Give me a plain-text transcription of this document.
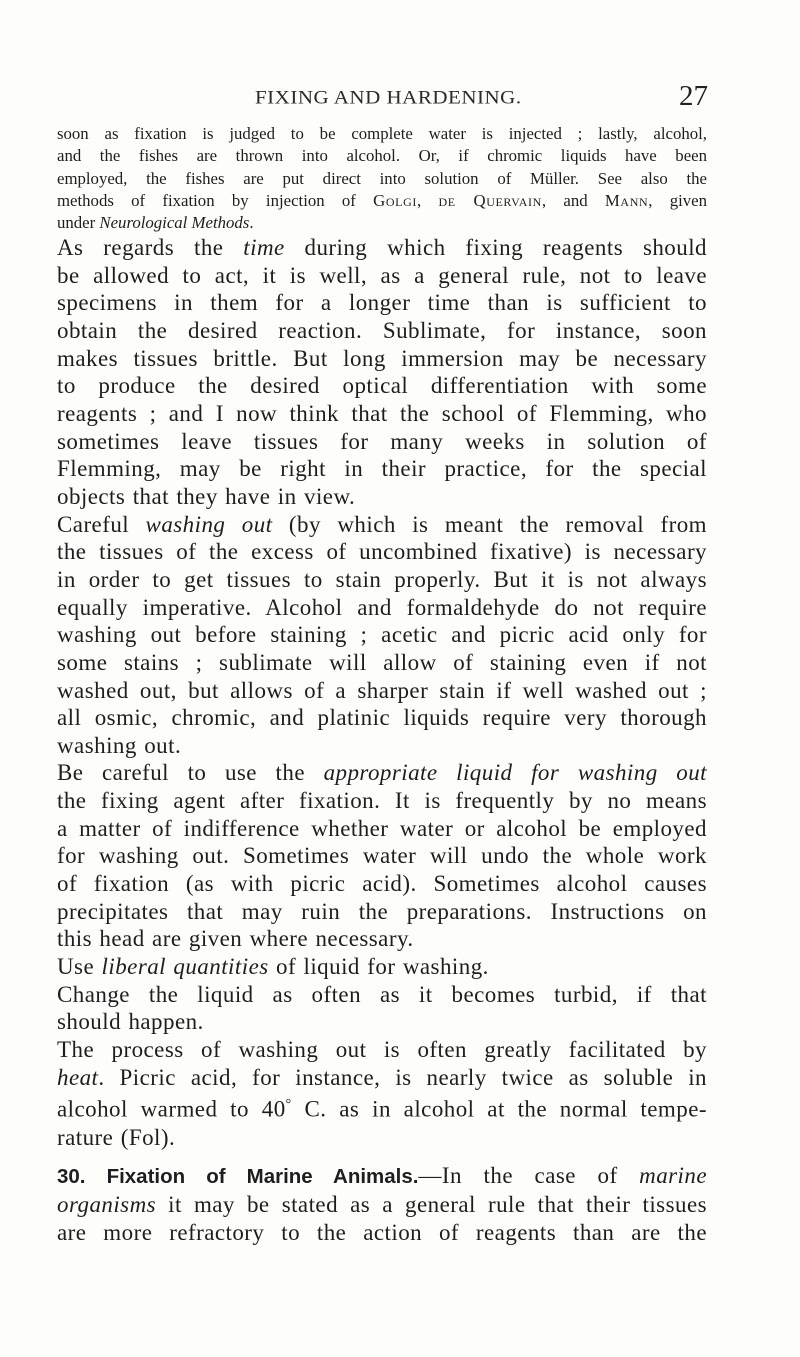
FIXING AND HARDENING.	27
soon as fixation is judged to be complete water is injected ; lastly, alcohol,
and the fishes are thrown into alcohol. Or, if chromic liquids have been
employed, the fishes are put direct into solution of Müller. See also the
methods of fixation by injection of Golgi, de Quervain, and Mann, given
under Neurological Methods.

As regards the time during which fixing reagents should
be allowed to act, it is well, as a general rule, not to leave
specimens in them for a longer time than is sufficient to
obtain the desired reaction. Sublimate, for instance, soon
makes tissues brittle. But long immersion may be necessary
to produce the desired optical differentiation with some
reagents ; and I now think that the school of Flemming, who
sometimes leave tissues for many weeks in solution of
Flemming, may be right in their practice, for the special
objects that they have in view.

Careful washing out (by which is meant the removal from
the tissues of the excess of uncombined fixative) is necessary
in order to get tissues to stain properly. But it is not always
equally imperative. Alcohol and formaldehyde do not require
washing out before staining ; acetic and picric acid only for
some stains ; sublimate will allow of staining even if not
washed out, but allows of a sharper stain if well washed out ;
all osmic, chromic, and platinic liquids require very thorough
washing out.

Be careful to use the appropriate liquid for washing out
the fixing agent after fixation. It is frequently by no means
a matter of indifference whether water or alcohol be employed
for washing out. Sometimes water will undo the whole work
of fixation (as with picric acid). Sometimes alcohol causes
precipitates that may ruin the preparations. Instructions on
this head are given where necessary.

Use liberal quantities of liquid for washing.

Change the liquid as often as it becomes turbid, if that
should happen.

The process of washing out is often greatly facilitated by
heat. Picric acid, for instance, is nearly twice as soluble in
alcohol warmed to 40° C. as in alcohol at the normal tempe-
rature (Fol).

30. Fixation of Marine Animals.—In the case of marine
organisms it may be stated as a general rule that their tissues
are more refractory to the action of reagents than are the
